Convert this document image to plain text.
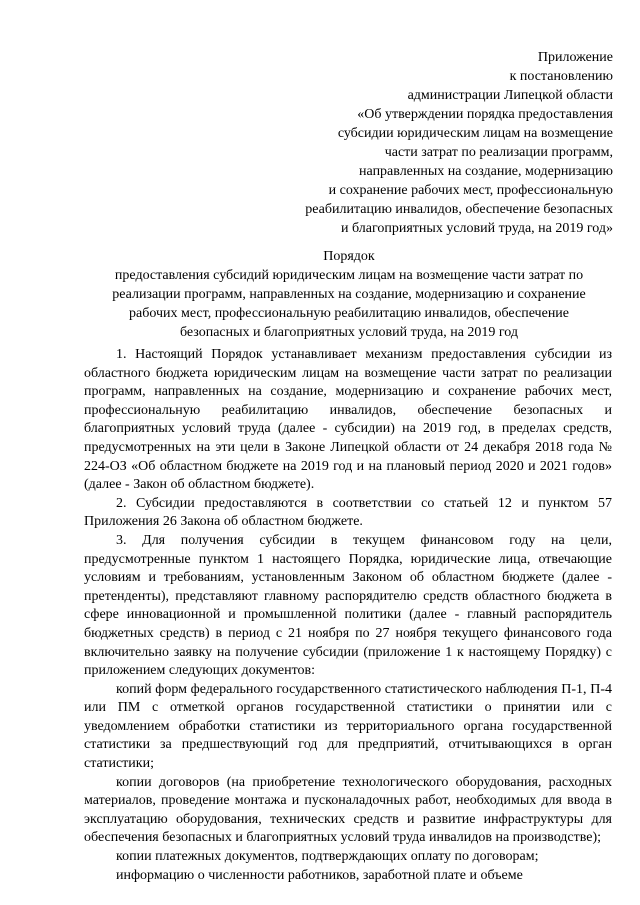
Приложение
к постановлению
администрации Липецкой области
«Об утверждении порядка предоставления
субсидии юридическим лицам на возмещение
части затрат по реализации программ,
направленных на создание, модернизацию
и сохранение рабочих мест, профессиональную
реабилитацию инвалидов, обеспечение безопасных
и благоприятных условий труда, на 2019 год»
Порядок
предоставления субсидий юридическим лицам на возмещение части затрат по
реализации программ, направленных на создание, модернизацию и сохранение
рабочих мест, профессиональную реабилитацию инвалидов, обеспечение
безопасных и благоприятных условий труда, на 2019 год

1. Настоящий Порядок устанавливает механизм предоставления субсидии из областного бюджета юридическим лицам на возмещение части затрат по реализации программ, направленных на создание, модернизацию и сохранение рабочих мест, профессиональную реабилитацию инвалидов, обеспечение безопасных и благоприятных условий труда (далее - субсидии) на 2019 год, в пределах средств, предусмотренных на эти цели в Законе Липецкой области от 24 декабря 2018 года № 224-ОЗ «Об областном бюджете на 2019 год и на плановый период 2020 и 2021 годов» (далее - Закон об областном бюджете).

2. Субсидии предоставляются в соответствии со статьей 12 и пунктом 57 Приложения 26 Закона об областном бюджете.

3. Для получения субсидии в текущем финансовом году на цели, предусмотренные пунктом 1 настоящего Порядка, юридические лица, отвечающие условиям и требованиям, установленным Законом об областном бюджете (далее - претенденты), представляют главному распорядителю средств областного бюджета в сфере инновационной и промышленной политики (далее - главный распорядитель бюджетных средств) в период с 21 ноября по 27 ноября текущего финансового года включительно заявку на получение субсидии (приложение 1 к настоящему Порядку) с приложением следующих документов:

копий форм федерального государственного статистического наблюдения П-1, П-4 или ПМ с отметкой органов государственной статистики о принятии или с уведомлением обработки статистики из территориального органа государственной статистики за предшествующий год для предприятий, отчитывающихся в орган статистики;

копии договоров (на приобретение технологического оборудования, расходных материалов, проведение монтажа и пусконаладочных работ, необходимых для ввода в эксплуатацию оборудования, технических средств и развитие инфраструктуры для обеспечения безопасных и благоприятных условий труда инвалидов на производстве);

копии платежных документов, подтверждающих оплату по договорам;

информацию о численности работников, заработной плате и объеме
